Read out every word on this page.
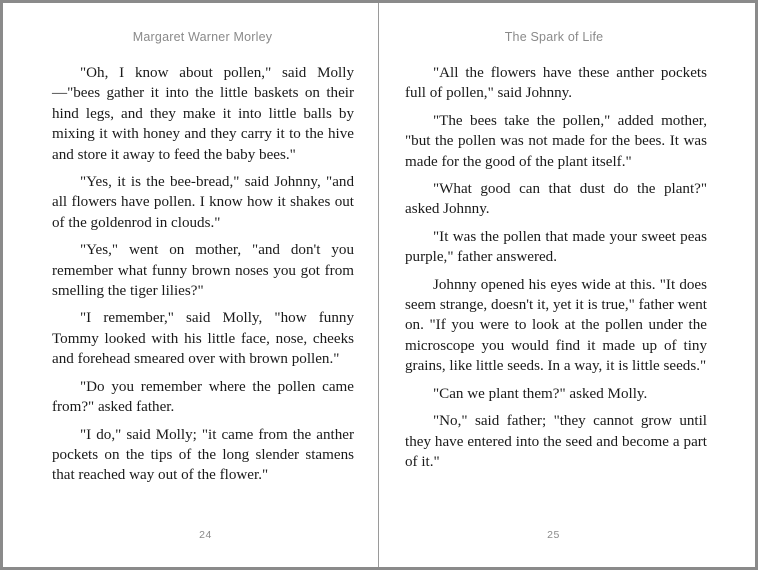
Margaret Warner Morley

"Oh, I know about pollen," said Molly —"bees gather it into the little baskets on their hind legs, and they make it into little balls by mixing it with honey and they carry it to the hive and store it away to feed the baby bees."

"Yes, it is the bee-bread," said Johnny, "and all flowers have pollen. I know how it shakes out of the goldenrod in clouds."

"Yes," went on mother, "and don't you remember what funny brown noses you got from smelling the tiger lilies?"

"I remember," said Molly, "how funny Tommy looked with his little face, nose, cheeks and forehead smeared over with brown pollen."

"Do you remember where the pollen came from?" asked father.

"I do," said Molly; "it came from the anther pockets on the tips of the long slender stamens that reached way out of the flower."

24
The Spark of Life

"All the flowers have these anther pockets full of pollen," said Johnny.

"The bees take the pollen," added mother, "but the pollen was not made for the bees. It was made for the good of the plant itself."

"What good can that dust do the plant?" asked Johnny.

"It was the pollen that made your sweet peas purple," father answered.

Johnny opened his eyes wide at this. "It does seem strange, doesn't it, yet it is true," father went on. "If you were to look at the pollen under the microscope you would find it made up of tiny grains, like little seeds. In a way, it is little seeds."

"Can we plant them?" asked Molly.

"No," said father; "they cannot grow until they have entered into the seed and become a part of it."

25
